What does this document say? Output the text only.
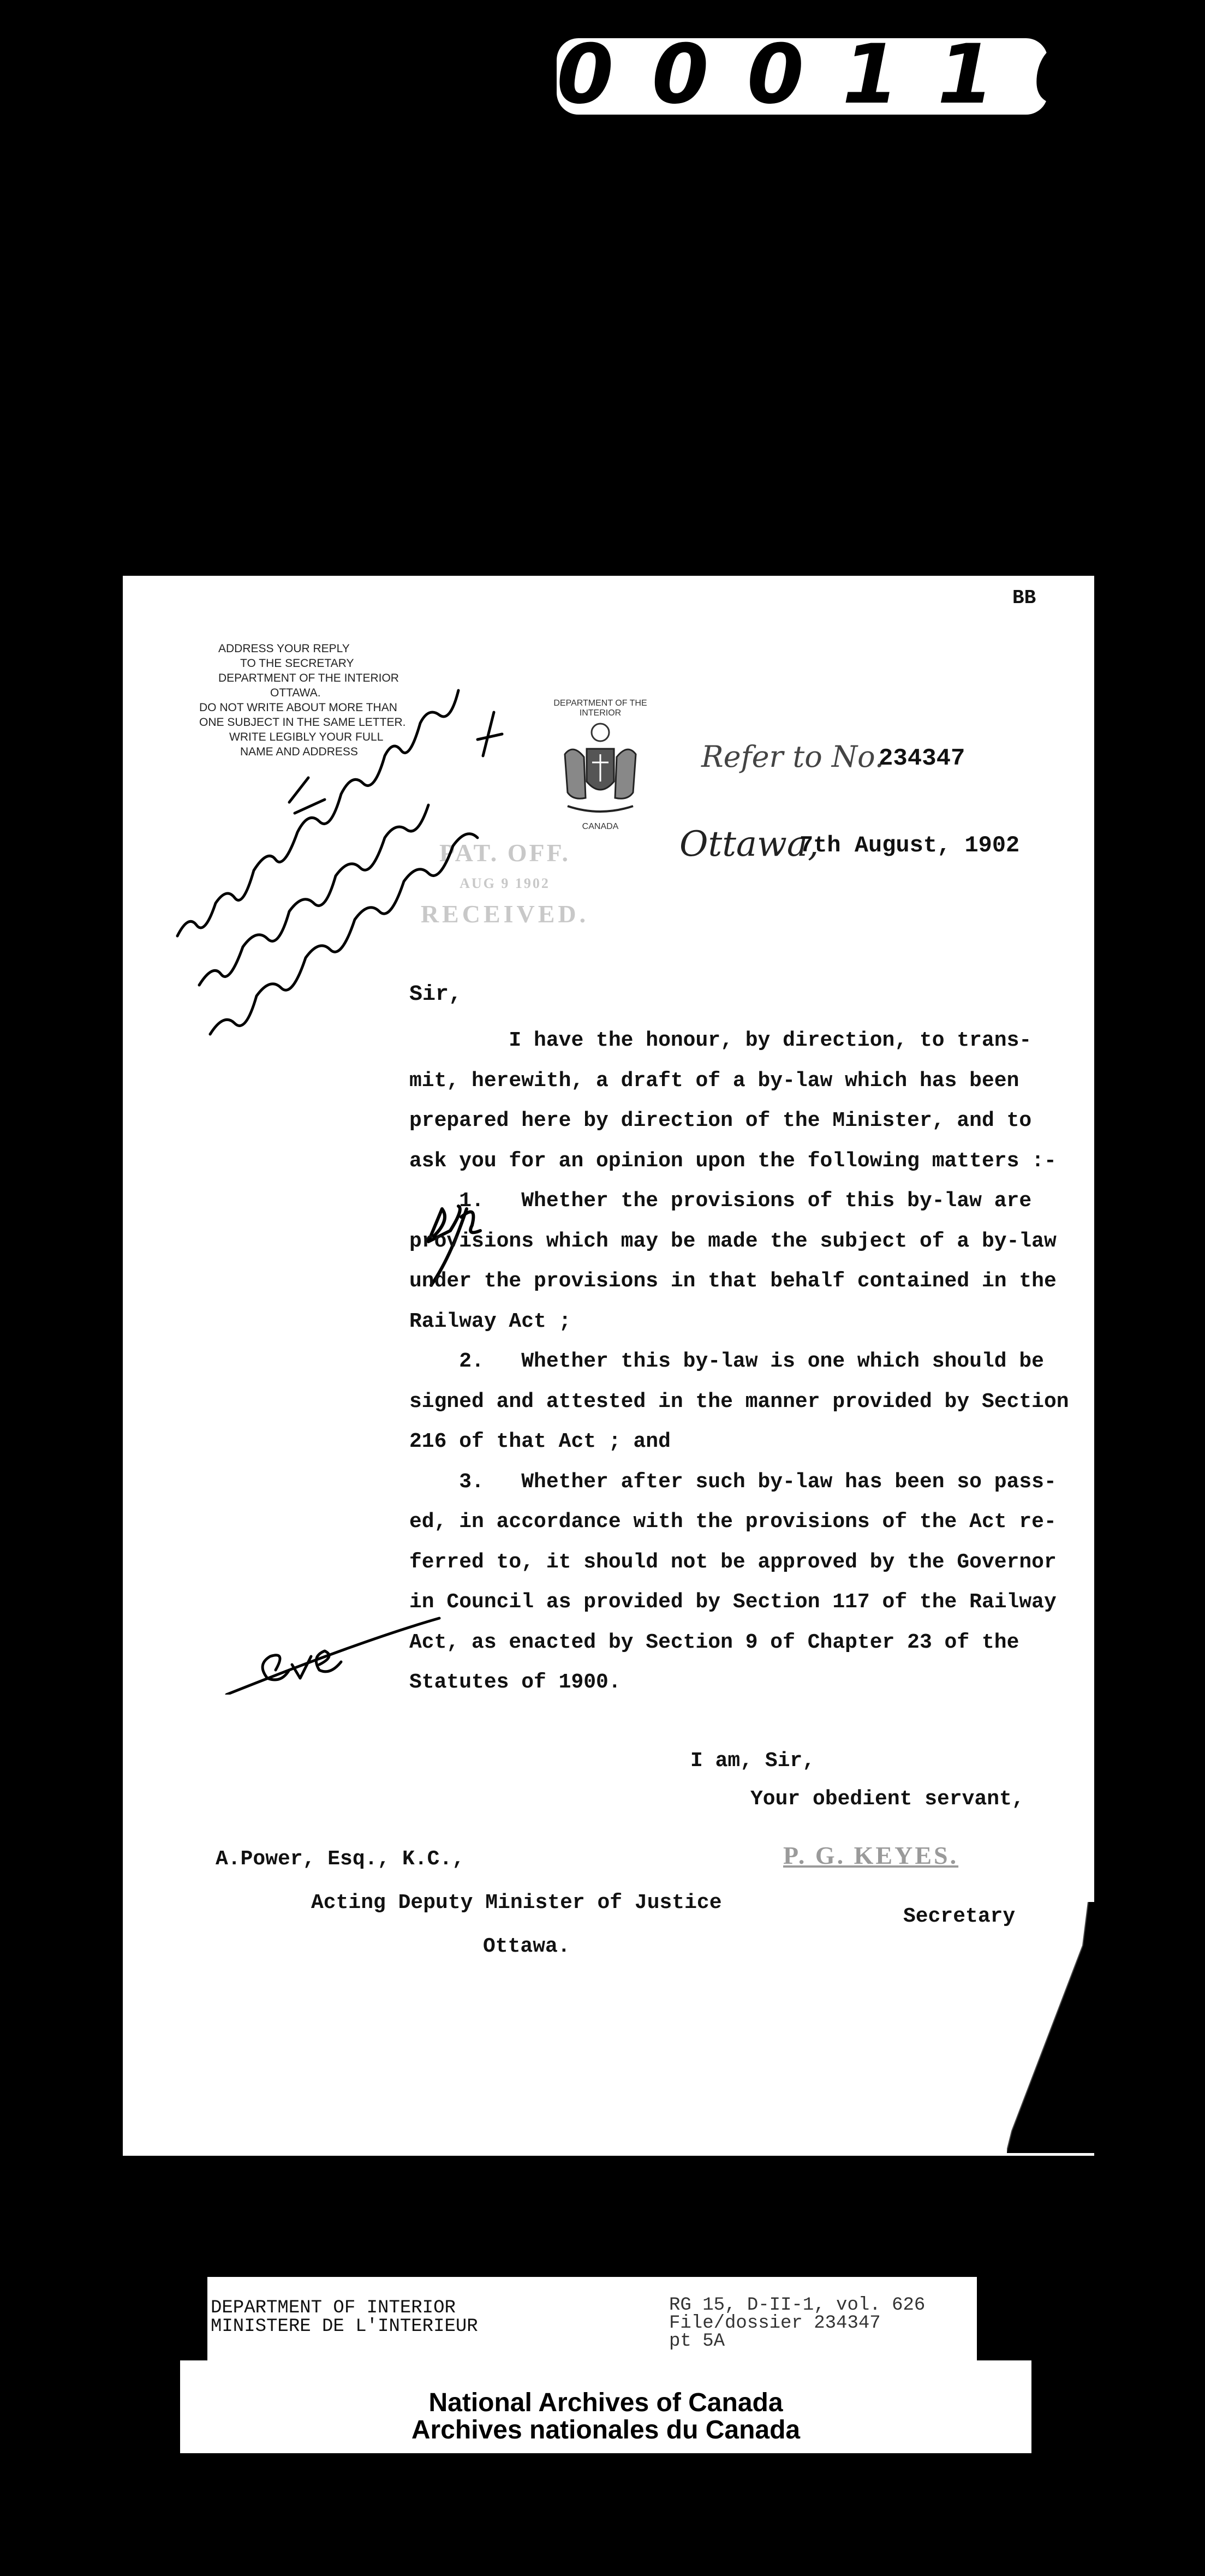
000116
BB
ADDRESS YOUR REPLY
TO THE SECRETARY
DEPARTMENT OF THE INTERIOR
OTTAWA.
DO NOT WRITE ABOUT MORE THAN
ONE SUBJECT IN THE SAME LETTER.
WRITE LEGIBLY YOUR FULL
NAME AND ADDRESS
DEPARTMENT OF THE INTERIOR
CANADA
Refer to No.
234347
Ottawa,
7th August, 1902
PAT. OFF.
AUG 9 1902
RECEIVED.
Sir,
I have the honour, by direction, to trans-
mit, herewith, a draft of a by-law which has been
prepared here by direction of the Minister, and to
ask you for an opinion upon the following matters :-
1.   Whether the provisions of this by-law are
provisions which may be made the subject of a by-law
under the provisions in that behalf contained in the
Railway Act ;
2.   Whether this by-law is one which should be
signed and attested in the manner provided by Section
216 of that Act ; and
3.   Whether after such by-law has been so pass-
ed, in accordance with the provisions of the Act re-
ferred to, it should not be approved by the Governor
in Council as provided by Section 117 of the Railway
Act, as enacted by Section 9 of Chapter 23 of the
Statutes of 1900.
I am, Sir,
Your obedient servant,
P. G. KEYES.
Secretary
A.Power, Esq., K.C.,
Acting Deputy Minister of Justice
Ottawa.
DEPARTMENT OF INTERIOR
MINISTERE DE L'INTERIEUR
RG 15, D-II-1, vol. 626
File/dossier 234347
pt 5A
National Archives of Canada
Archives nationales du Canada
